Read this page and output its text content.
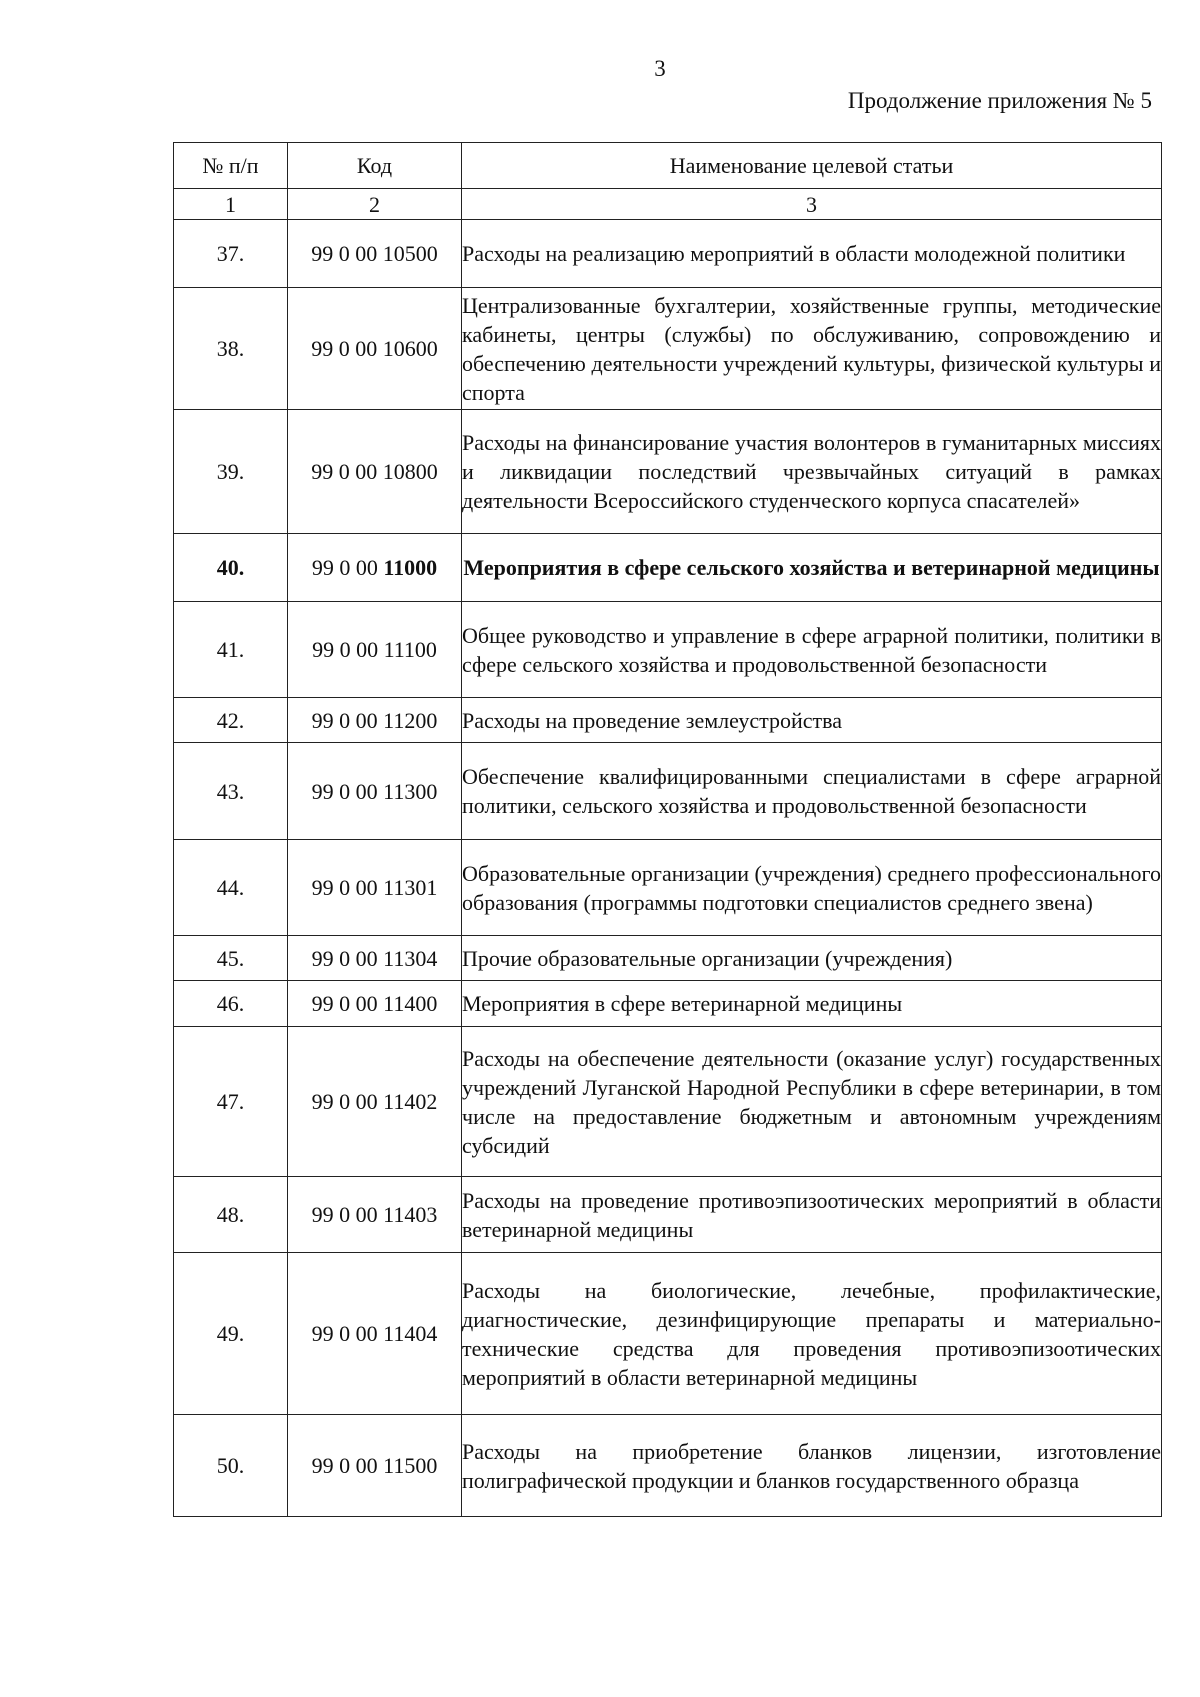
3
Продолжение приложения № 5
№ п/п	Код	Наименование целевой статьи
1	2	3
37.	99 0 00 10500	Расходы на реализацию мероприятий в области молодежной политики
38.	99 0 00 10600	Централизованные бухгалтерии, хозяйственные группы, методические кабинеты, центры (службы) по обслуживанию, сопровождению и обеспечению деятельности учреждений культуры, физической культуры и спорта
39.	99 0 00 10800	Расходы на финансирование участия волонтеров в гуманитарных миссиях и ликвидации последствий чрезвычайных ситуаций в рамках деятельности Всероссийского студенческого корпуса спасателей»
40.	99 0 00 11000	Мероприятия в сфере сельского хозяйства и ветеринарной медицины
41.	99 0 00 11100	Общее руководство и управление в сфере аграрной политики, политики в сфере сельского хозяйства и продовольственной безопасности
42.	99 0 00 11200	Расходы на проведение землеустройства
43.	99 0 00 11300	Обеспечение квалифицированными специалистами в сфере аграрной политики, сельского хозяйства и продовольственной безопасности
44.	99 0 00 11301	Образовательные организации (учреждения) среднего профессионального образования (программы подготовки специалистов среднего звена)
45.	99 0 00 11304	Прочие образовательные организации (учреждения)
46.	99 0 00 11400	Мероприятия в сфере ветеринарной медицины
47.	99 0 00 11402	Расходы на обеспечение деятельности (оказание услуг) государственных учреждений Луганской Народной Республики в сфере ветеринарии, в том числе на предоставление бюджетным и автономным учреждениям субсидий
48.	99 0 00 11403	Расходы на проведение противоэпизоотических мероприятий в области ветеринарной медицины
49.	99 0 00 11404	Расходы на биологические, лечебные, профилактические, диагностические, дезинфицирующие препараты и материально-технические средства для проведения противоэпизоотических мероприятий в области ветеринарной медицины
50.	99 0 00 11500	Расходы на приобретение бланков лицензии, изготовление полиграфической продукции и бланков государственного образца
